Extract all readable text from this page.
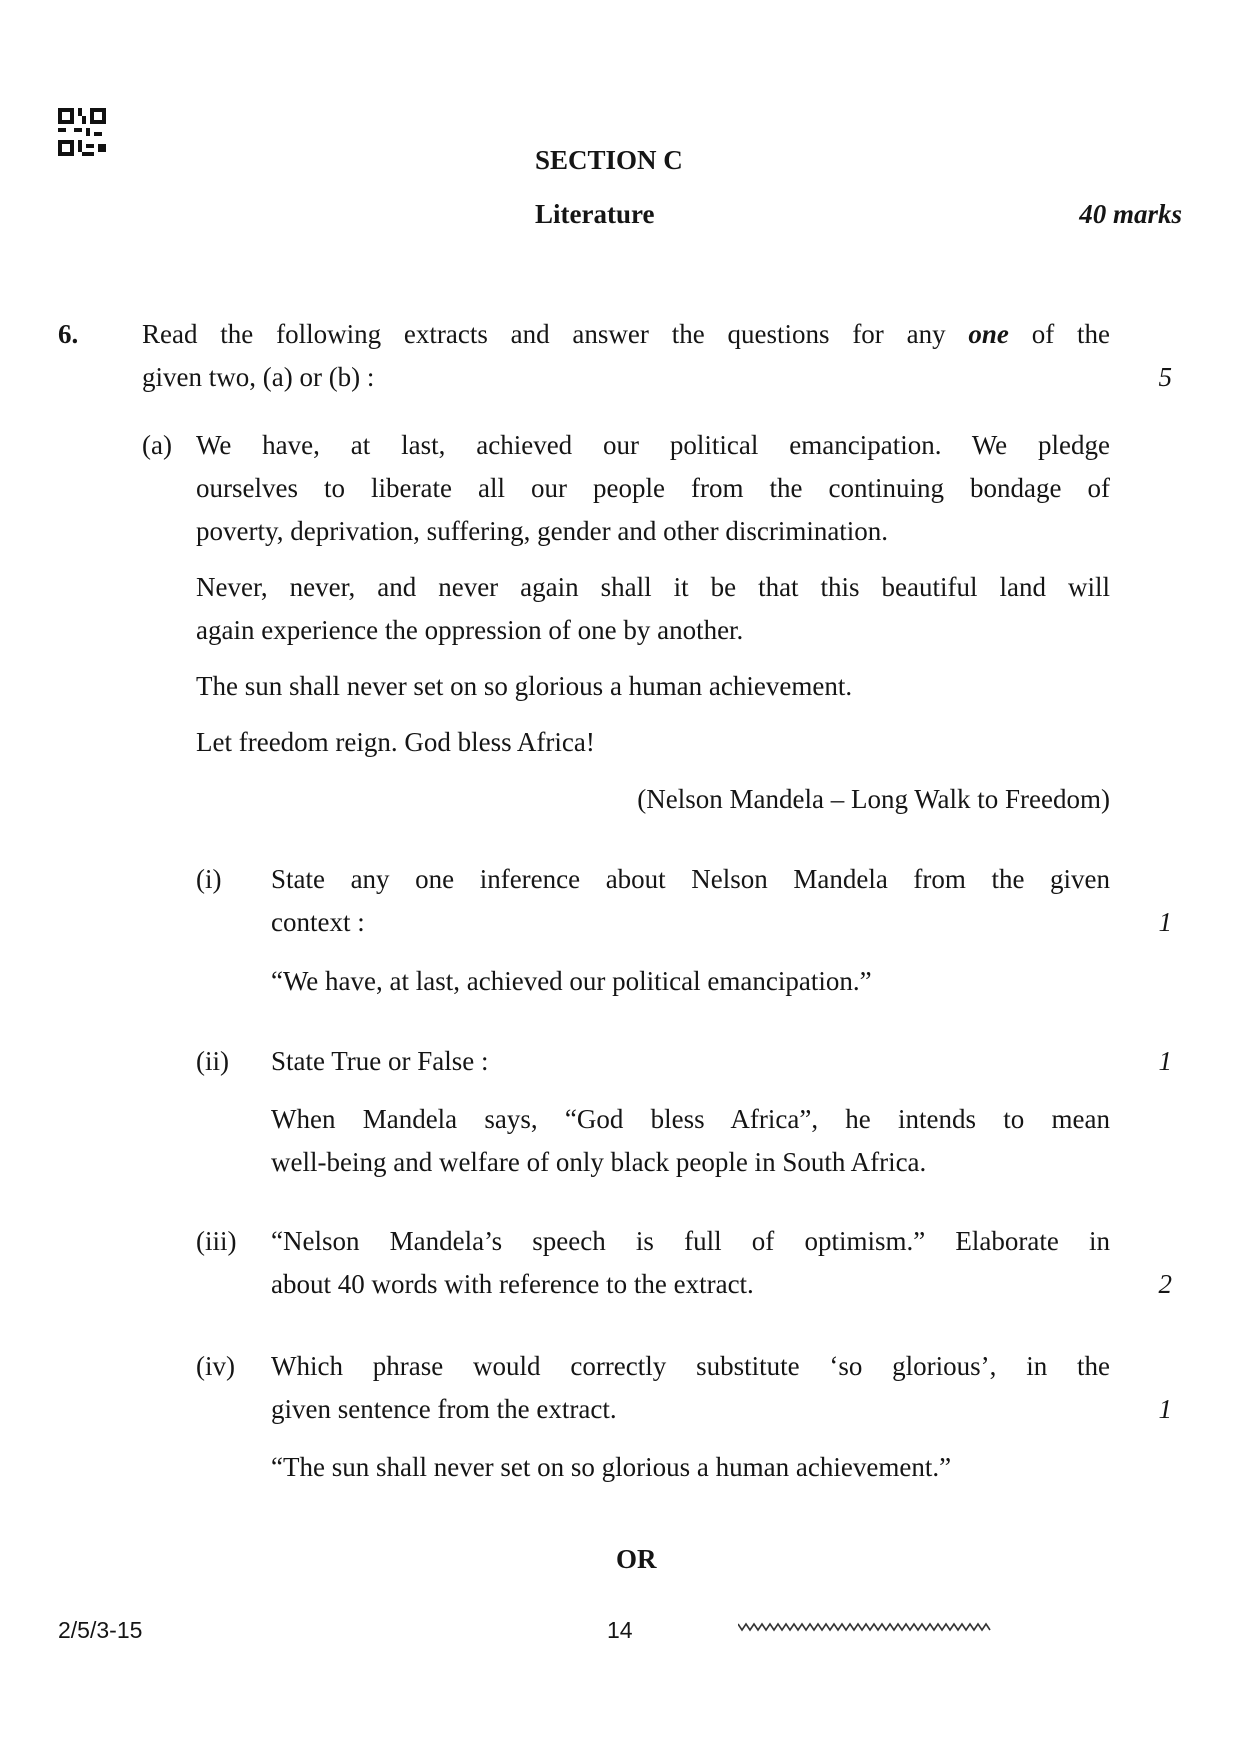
SECTION C
Literature	40 marks
6. Read the following extracts and answer the questions for any one of the
given two, (a) or (b) :	5
(a) We have, at last, achieved our political emancipation. We pledge
ourselves to liberate all our people from the continuing bondage of
poverty, deprivation, suffering, gender and other discrimination.
Never, never, and never again shall it be that this beautiful land will
again experience the oppression of one by another.
The sun shall never set on so glorious a human achievement.
Let freedom reign. God bless Africa!
(Nelson Mandela – Long Walk to Freedom)
(i) State any one inference about Nelson Mandela from the given
context :	1
“We have, at last, achieved our political emancipation.”
(ii) State True or False :	1
When Mandela says, “God bless Africa”, he intends to mean
well-being and welfare of only black people in South Africa.
(iii) “Nelson Mandela’s speech is full of optimism.” Elaborate in
about 40 words with reference to the extract.	2
(iv) Which phrase would correctly substitute ‘so glorious’, in the
given sentence from the extract.	1
“The sun shall never set on so glorious a human achievement.”
OR
2/5/3-15	14
